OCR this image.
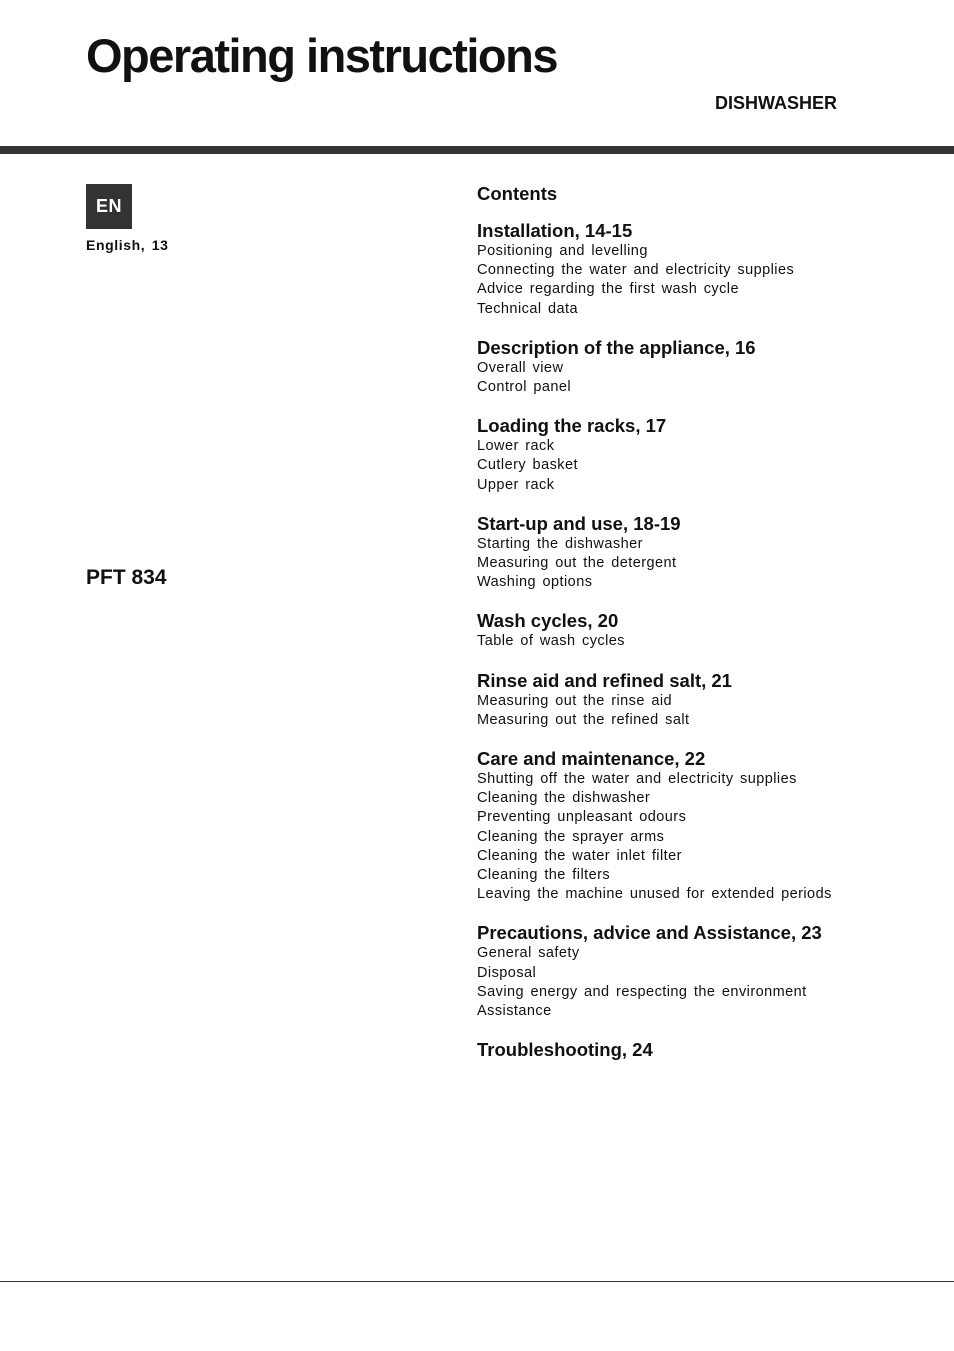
Operating instructions
DISHWASHER
EN
English, 13
PFT 834
Contents
Installation, 14-15
Positioning and levelling
Connecting the water and electricity supplies
Advice regarding the first wash cycle
Technical data
Description of the appliance, 16
Overall view
Control panel
Loading the racks, 17
Lower rack
Cutlery basket
Upper rack
Start-up and use, 18-19
Starting the dishwasher
Measuring out the detergent
Washing options
Wash cycles, 20
Table of wash cycles
Rinse aid and refined salt, 21
Measuring out the rinse aid
Measuring out the refined salt
Care and maintenance, 22
Shutting off the water and electricity supplies
Cleaning the dishwasher
Preventing unpleasant odours
Cleaning the sprayer arms
Cleaning the water inlet filter
Cleaning the filters
Leaving the machine unused for extended periods
Precautions, advice and Assistance, 23
General safety
Disposal
Saving energy and respecting the environment
Assistance
Troubleshooting, 24
